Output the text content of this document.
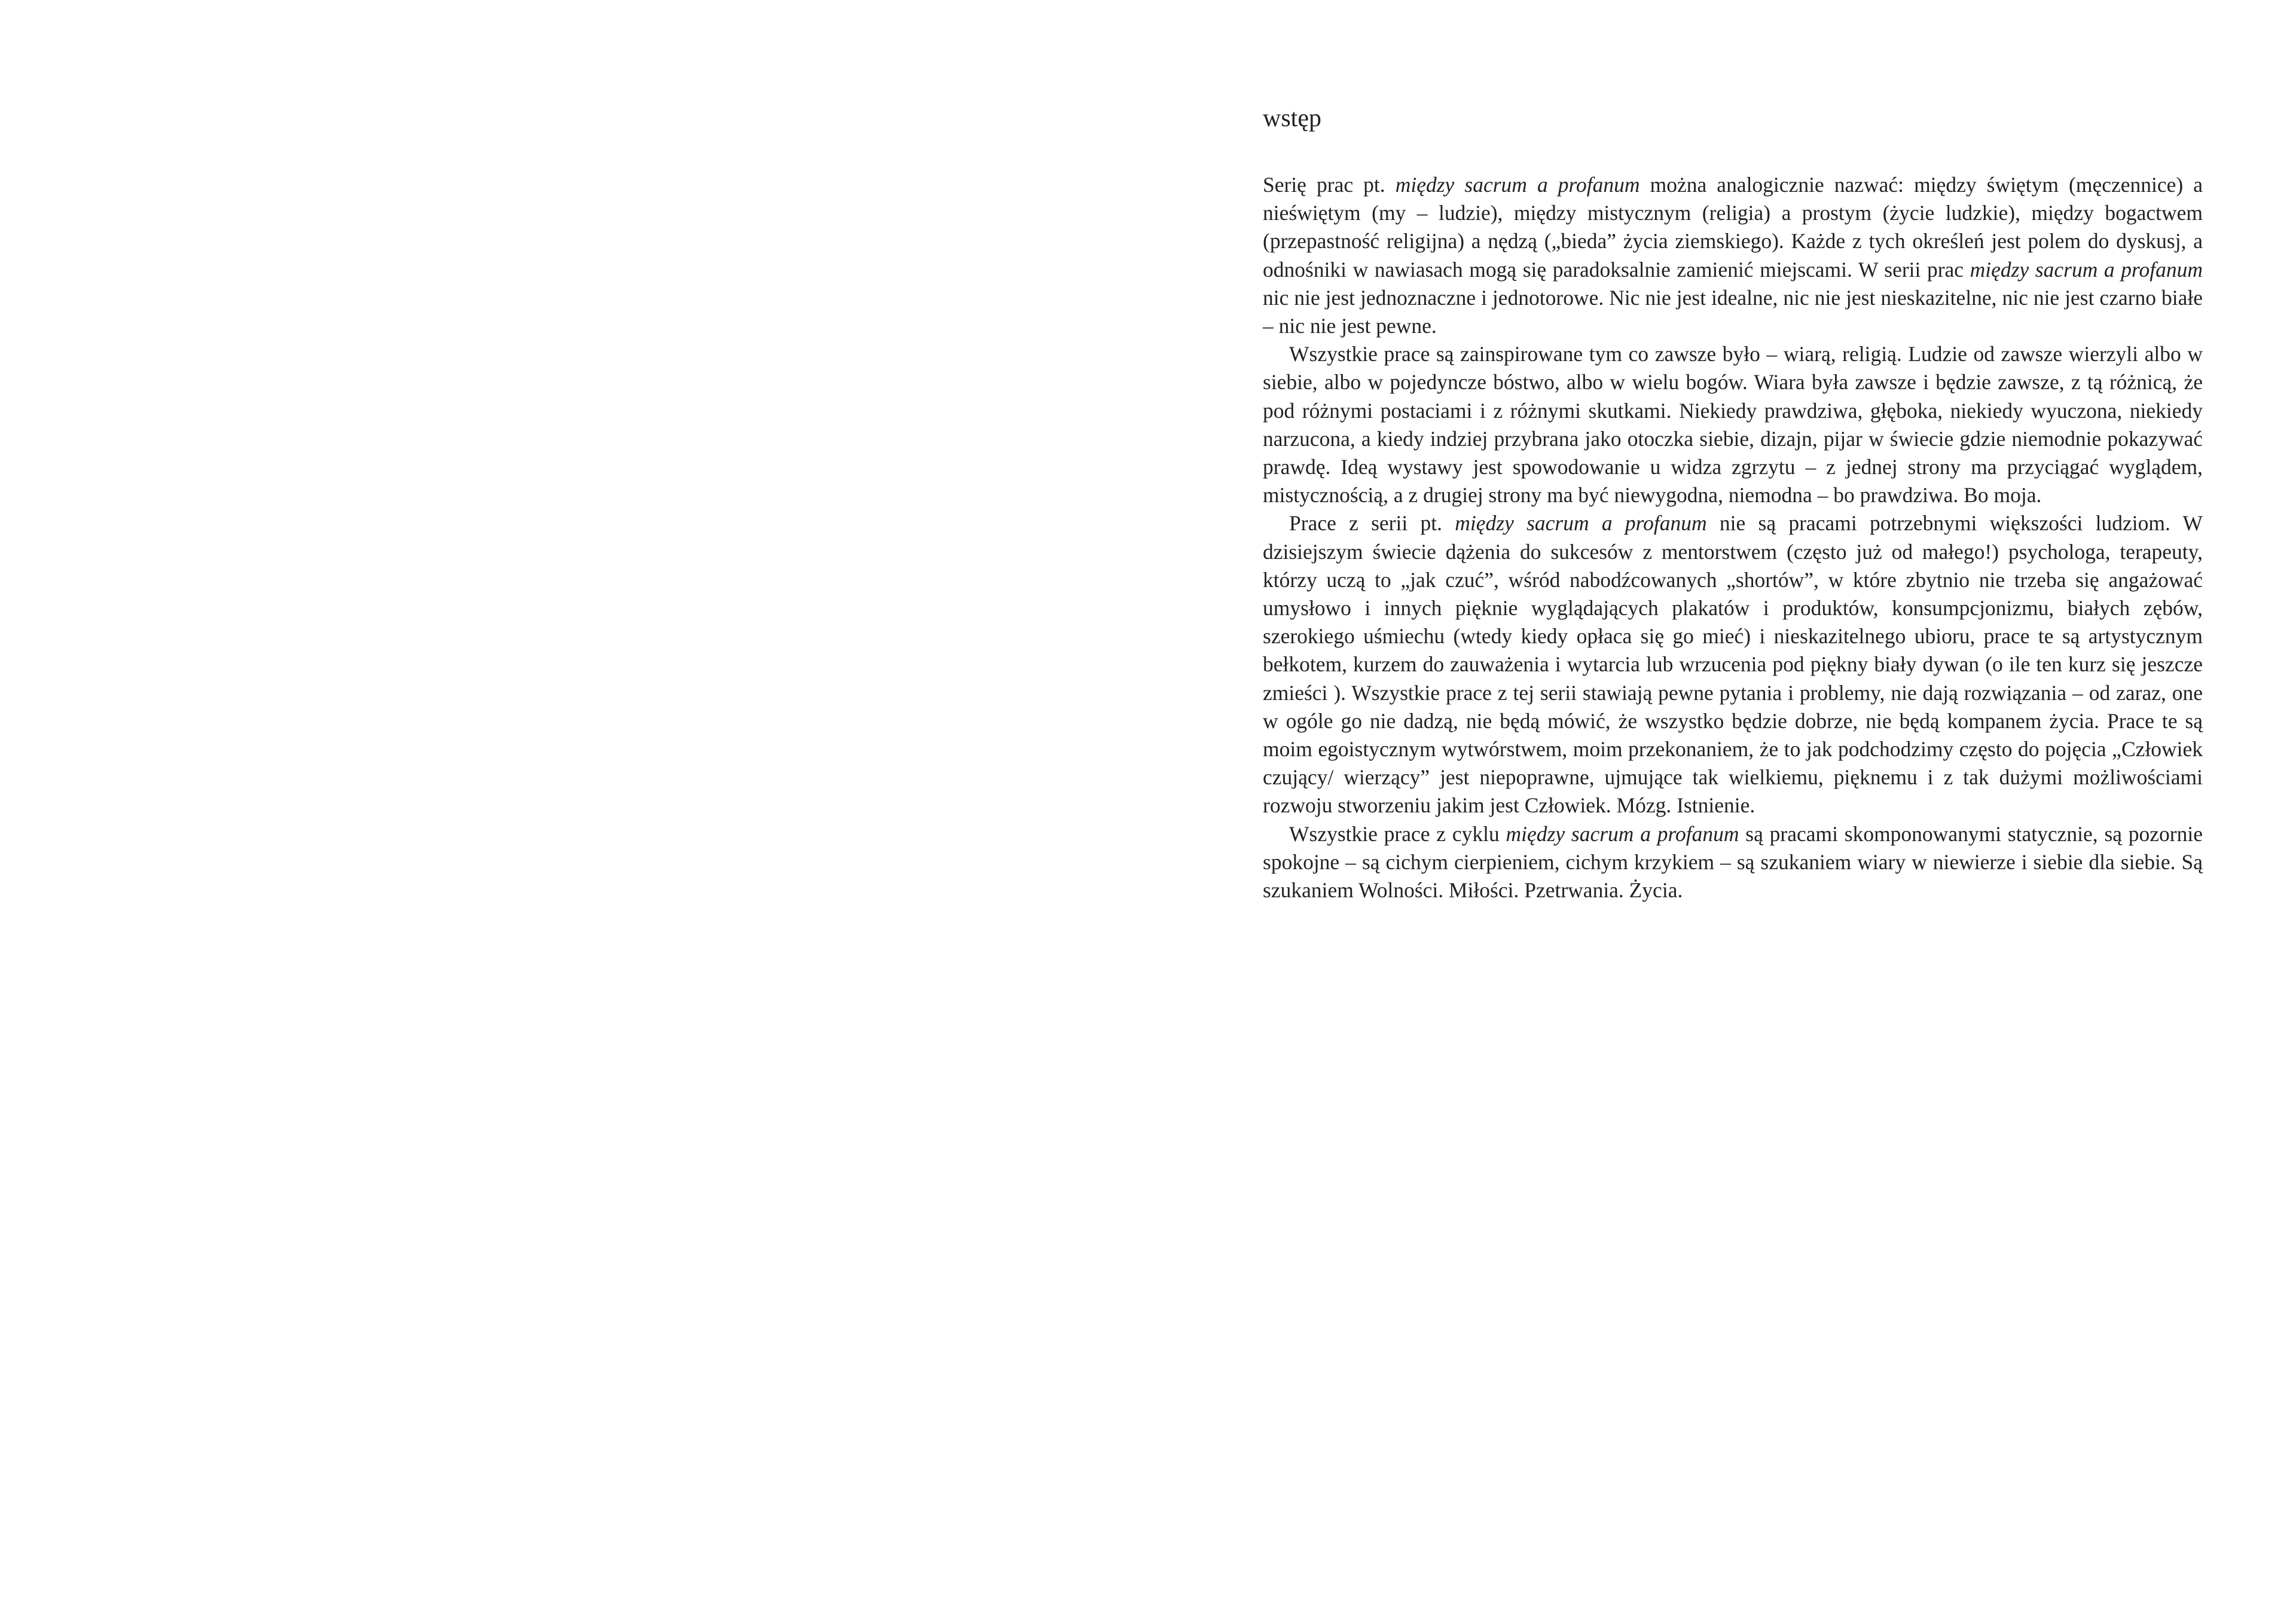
wstęp

Serię prac pt. między sacrum a profanum można analogicznie nazwać: między świętym (męczennice) a nieświętym (my – ludzie), między mistycznym (religia) a prostym (życie ludzkie), między bogactwem (przepastność religijna) a nędzą („bieda” życia ziemskiego). Każde z tych określeń jest polem do dyskusj, a odnośniki w nawiasach mogą się paradoksalnie zamienić miejscami. W serii prac między sacrum a profanum nic nie jest jednoznaczne i jednotorowe. Nic nie jest idealne, nic nie jest nieskazitelne, nic nie jest czarno białe – nic nie jest pewne.

Wszystkie prace są zainspirowane tym co zawsze było – wiarą, religią. Ludzie od zawsze wierzyli albo w siebie, albo w pojedyncze bóstwo, albo w wielu bogów. Wiara była zawsze i będzie zawsze, z tą różnicą, że pod różnymi postaciami i z różnymi skutkami. Niekiedy prawdziwa, głęboka, niekiedy wyuczona, niekiedy narzucona, a kiedy indziej przybrana jako otoczka siebie, dizajn, pijar w świecie gdzie niemodnie pokazywać prawdę. Ideą wystawy jest spowodowanie u widza zgrzytu – z jednej strony ma przyciągać wyglądem, mistycznością, a z drugiej strony ma być niewygodna, niemodna – bo prawdziwa. Bo moja.

Prace z serii pt. między sacrum a profanum nie są pracami potrzebnymi większości ludziom. W dzisiejszym świecie dążenia do sukcesów z mentorstwem (często już od małego!) psychologa, terapeuty, którzy uczą to „jak czuć”, wśród nabodźcowanych „shortów”, w które zbytnio nie trzeba się angażować umysłowo i innych pięknie wyglądających plakatów i produktów, konsumpcjonizmu, białych zębów, szerokiego uśmiechu (wtedy kiedy opłaca się go mieć) i nieskazitelnego ubioru, prace te są artystycznym bełkotem, kurzem do zauważenia i wytarcia lub wrzucenia pod piękny biały dywan (o ile ten kurz się jeszcze zmieści ). Wszystkie prace z tej serii stawiają pewne pytania i problemy, nie dają rozwiązania – od zaraz, one w ogóle go nie dadzą, nie będą mówić, że wszystko będzie dobrze, nie będą kompanem życia. Prace te są moim egoistycznym wytwórstwem, moim przekonaniem, że to jak podchodzimy często do pojęcia „Człowiek czujący/ wierzący” jest niepoprawne, ujmujące tak wielkiemu, pięknemu i z tak dużymi możliwościami rozwoju stworzeniu jakim jest Człowiek. Mózg. Istnienie.

Wszystkie prace z cyklu między sacrum a profanum są pracami skomponowanymi statycznie, są pozornie spokojne – są cichym cierpieniem, cichym krzykiem – są szukaniem wiary w niewierze i siebie dla siebie. Są szukaniem Wolności. Miłości. Pzetrwania. Życia.
